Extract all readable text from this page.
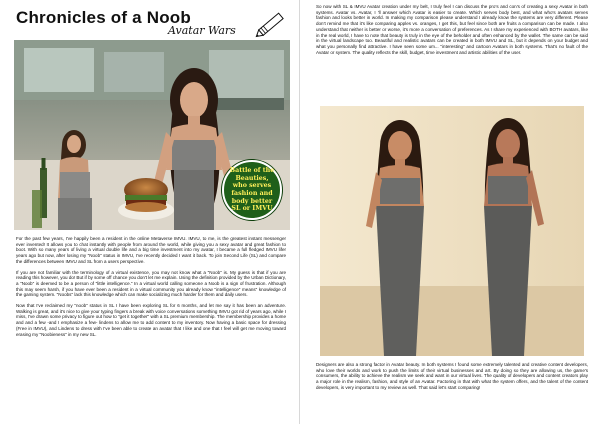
Chronicles of a Noob
Avatar Wars
Battle of the Beauties, who serves fashion and body better SL or IMVU

For the past few years, I've happily been a resident in the online Metaverse IMVU. IMVU, to me, is the greatest instant messenger ever invented! It allows you to chat instantly with people from around the world, while giving you a sexy avatar and great fashion to boot. With so many years of living a virtual double life and a big time investment into my avatar, I became a full fledged IMVU lifer years ago but now, after losing my "Noob" status in IMVU, I've recently decided I want it back. To join Second Life (SL) and compare the differences between IMVU and SL from a users perspective.

If you are not familiar with the terminology of a virtual existence, you may not know what a "Noob" is. My guess is that if you are reading this however, you do! But if by some off chance you don't let me explain. Using the definition provided by the Urban Dictionary, a "Noob" is deemed to be a person of "little intelligence." In a virtual world calling someone a Noob is a sign of frustration. Although this may seem harsh, if you have ever been a resident in a virtual community you already know "intelligence" means" knowledge of the gaming system. "Noobs" lack this knowledge which can make socializing much harder for them and daily users.

Now that I've reclaimed my "noob" status in SL I have been exploring SL for 6 months, and let me say it has been an adventure. Walking is great, and it's nice to give your typing fingers a break with voice conversations something IMVU got rid of years ago, while I miss, I've drawn some privacy to figure out how to "get it together" with a SL premium membership. The membership provides a home and and a few -and I emphasize a few- lindens to allow me to add content to my inventory. Now having a basic space for dressing (Free in IMVU), and Lindens to dress with I've been able to create an avatar that I like and one that I feel will get me moving toward erasing my "Noobieness" in my new SL.

So now with SL & IMVU Avatar creation under my belt, I truly feel I can discuss the pro's and con's of creating a sexy Avatar in both systems. Avatar vs. Avatar, I 'll answer which Avatar is easier to create. Which serves body best, and what who's avatars serves fashion and looks better in world. In making my comparison please understand I already know the systems are very different. Please don't remind me that it's like comparing apples vs. oranges, I get this, but feel since both are fruits a comparison can be made. I also understand that neither is better or worse, it's more a conversation of preferences. As I share my experienced with BOTH avatars, like in the real world, I have to note that beauty is truly in the eye of the beholder and often enhanced by the wallet. The same can be said in the virtual landscape too. Beautiful and realistic avatars can be created in both IMVU and SL, but it depends on your budget and what you personally find attractive. I have seen some um... "interesting" and cartoon Avatars in both systems. That's no fault of the Avatar or system. The quality reflects the skill, budget, time investment and artistic abilities of the user.

Designers are also a strong factor in Avatar beauty. In both systems I found some extremely talented and creative content developers, who love their worlds and work to push the limits of their virtual businesses and art. By doing so they are allowing us, the game's consumers, the ability to achieve the realism we seek and want in our virtual lives. The quality of developers and content creators play a major role in the realism, fashion, and style of an Avatar. Factoring in that with what the system offers, and the talent of the content developers, is very important to my review as well. That said let's start comparing!
